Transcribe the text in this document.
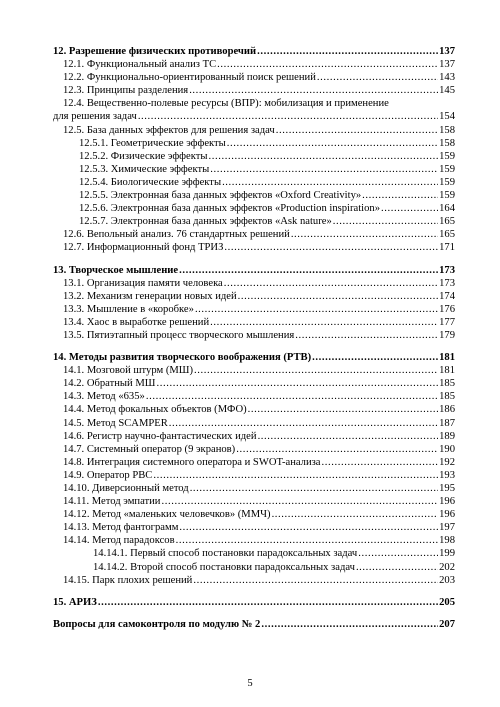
12. Разрешение физических противоречий .....	137
12.1. Функциональный анализ ТС .....	137
12.2. Функционально-ориентированный поиск решений .....	143
12.3. Принципы разделения .....	145
12.4. Вещественно-полевые ресурсы (ВПР): мобилизация и применение
для решения задач .....	154
12.5. База данных эффектов для решения задач .....	158
12.5.1. Геометрические эффекты .....	158
12.5.2. Физические эффекты .....	159
12.5.3. Химические эффекты .....	159
12.5.4. Биологические эффекты .....	159
12.5.5. Электронная база данных эффектов «Oxford Creativity» .....	159
12.5.6. Электронная база данных эффектов «Production inspiration» .....	164
12.5.7. Электронная база данных эффектов «Ask nature» .....	165
12.6. Вепольный анализ. 76 стандартных решений .....	165
12.7. Информационный фонд ТРИЗ .....	171
13. Творческое мышление .....	173
13.1. Организация памяти человека .....	173
13.2. Механизм генерации новых идей .....	174
13.3. Мышление в «коробке» .....	176
13.4. Хаос в выработке решений .....	177
13.5. Пятиэтапный процесс творческого мышления .....	179
14. Методы развития творческого воображения (РТВ) .....	181
14.1. Мозговой штурм (МШ) .....	181
14.2. Обратный МШ .....	185
14.3. Метод «635» .....	185
14.4. Метод фокальных объектов (МФО) .....	186
14.5. Метод SCAMPER .....	187
14.6. Регистр научно-фантастических идей .....	189
14.7. Системный оператор (9 экранов) .....	190
14.8. Интеграция системного оператора и SWOT-анализа .....	192
14.9. Оператор РВС .....	193
14.10. Диверсионный метод .....	195
14.11. Метод эмпатии .....	196
14.12. Метод «маленьких человечков» (ММЧ) .....	196
14.13. Метод фантограмм .....	197
14.14. Метод парадоксов .....	198
14.14.1. Первый способ постановки парадоксальных задач .....	199
14.14.2. Второй способ постановки парадоксальных задач .....	202
14.15. Парк плохих решений .....	203
15. АРИЗ .....	205
Вопросы для самоконтроля по модулю № 2 .....	207
5
